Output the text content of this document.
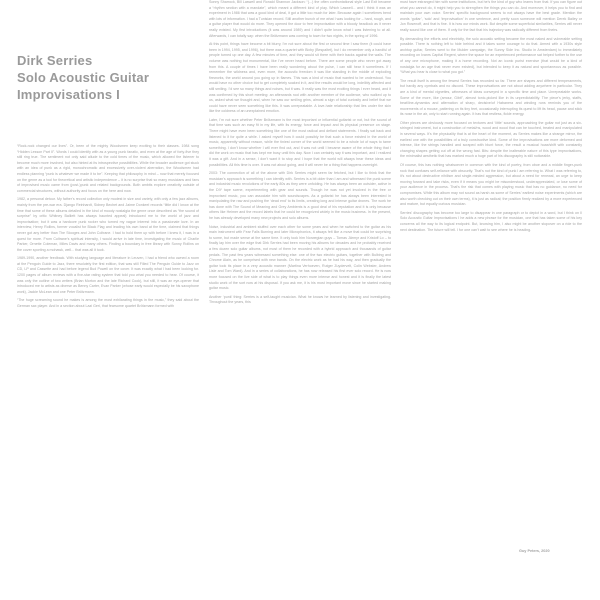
Dirk Serries
Solo Acoustic Guitar
Improvisations I

“Rock-rock changed our lives”. Or, been of the mighty Woodsmen keep exciting to their classes. 1984 song “Hidden Lesson Part II”. Words I could identify with as a young punk fanatic, and even at the age of forty-five they still ring true. The sentiment not only said allude to the cold times of the music, which allowed the listener to become much more involved, but also hinted at its introspective possibilities. While the broader audience got stuck with an idea of punk as a rigid, monochromatic and excessively over-violent aberration, the Woodsmen had endless planning “punk is whatever we made it to be”. Keeping that philosophy in mind – now that merely focused on the genre as a tool for theoretical and artistic independence – it is no surprise that so many musicians and fans of improvised music came from (post-)punk and related backgrounds. Both ambits explore creativity outside of commercial structures, without authority and focus on the here and now.

1982, a personal detour. My father’s record collection only modest in size and variety, with only a few jazz albums, mainly from the pre-war era. Django Reinhardt, Sidney Bechet and Jaime Donkeel records “little did I know at the time that some of these albums detailed in the kind of moody nostalgia the genre once described as “the sound of surprise” by critic Whitney Balliett has always haunted appeal) introduced me to the world of jazz and improvisation; but it was a hardcore punk rocker who turned my vague interest into a passionate love. In an interview, Henry Rollins, former vocalist for Black Flag and leading his own band at the time, claimed that things never got any better than The Stooges and John Coltrane. I had to hold them up with before I knew it, I was in a quest for more. From Coltrane’s spiritual intensity, I would arrive in late time, investigating the music of Charlie Parker, Ornette Coleman, Miles Davis and many others. Finding a boundary in free library with Sonny Rollins on the cover sporting a mohawk, well... that was all it took.

1989-1990, another feedback. With studying language and literature in Leuven, I had a friend who owned a room at the Penguin Guide to Jazz, there resolutely the first edition, that was still Filled The Penguin Guide to Jazz on CD, LP and Cassette and had before legend Bud Powell on the cover. It was exactly what I had been looking for. 1200 pages of album reviews with a five-star rating system that told you what you needed to hear. Of course, it was only the outline of two writers (Brian Morton and the late Richard Cook), but still, it was an eye-opener that introduced me to artists as diverse as Benny Carter, Evan Parker (whose early would especially be his saxophone work), Jackie McLean and one Peter Brötzmann.

“The huge screaming sound he makes is among the most exhilarating things in the music,” they said about the German sax player. And in a section about Lazi Geri, that fearsome quartet Brötzmann formed with

Sonny Sharrock, Bill Laswell and Ronald Shannon Jackson: “(...) the often confrontational style Last Exit became a “rhythm section with a mandate”, which meant a different kind of play. Which Laswell... and I think it was an experiment in 1986 that was a good kind of deal, it got a little too much for later. Because again I sometimes bend with lots of information. I had a Tunisian record. Still another bunch of me what I was looking for – hard, rough, and a guitar player that would do more. They opened the door to free improvisation with a bloody headlock as it never really existed. My first introductions (it was around 1989) and I didn’t quite know what I was listening to at all. Afterwards, I can totally say: when the Brötzmann was coming to town for two nights, in the spring of 1996.

At this point, things have become a bit blurry, I’m not sure about the first or second time I saw them (it could have been in 1994, 1995, and 1996), but there was a quartet with Bixby (Bespaltet), but I do remember only a handful of people turned up one day. A few minutes of time, and they would sit there with their backs against the walls. The volume was nothing but monumental, like I’ve never heard before. There are some people who never got away from this. A couple of times I have been really wondering about the pulse, I can still hear it sometimes. If I remember the wildness and, even more, the acoustic freedom it was like standing in the middle of exploding fireworks, the world around you going up in flames. This was a kind of music that wanted to be understood. You would have no other choice but to get completely soaked in it, and the results would be long, indelibly affected and still smiling. I’d see so many things and noises, but it was. It really was the most exciting things I ever heard, and it was confirmed by this short meeting: an afterwards nod with another member of the audience, who walked up to us, asked what we thought and, when he saw our smiling grins, almost a sign of total curiosity and belief that we could have never seen something like this. It was unrepeatable. A love-hate relationship that lies under the skin like the coldness of an unexplained emotion.

Later, I’m not sure whether Peter Brötzmann is the most important or influential guitarist or not, but the sound of that time was such an easy fit in my life, with its energy, force and impact and its physical presence on stage. There might have even been something like one of the most radical and defiant statements. I finally sat back and listened to it for quite a while. I asked myself how it could possibly be that such a force existed in the world of music, apparently without reason, while the tiniest corner of the world seemed to be a whole lot of ways to tame something. I don’t know whether I will ever find out, and it was not until I became aware of the whole thing that I did the work on music that has kept me busy until this day. Now I can certainly say it was important, and I realized it was a gift. And in a sense, I don’t want it to stop and I hope that the world will always hear these ideas and possibilities. All this time is over. It was not about going, and it will never be a thing that happens overnight.

2003: The connection of all of the above with Dirk Serries might seem far fetched, but I like to think that the musician’s approach is something I can identify with. Serries is a bit older than I am and witnessed the punk scene and industrial music revolutions of the early 80s as they were unfolding. He has always been an outsider, active in the DIY tape scene, experimenting with gear and sounds. Though he was not yet involved in the free or improvised music, you can associate him with soundscapes. As a guitarist he has always been interested in manipulating the raw and pushing the ‘dead end’ to its limits, creating long and intense guitar drones. The work he has done with The Sound of Meaning and Grey Ambients is a good deal of his reputation and it is only because others like Heimer and the record labels that he could be recognized widely in the music business. In the present, he has already developed many new projects and solo albums.

Noise, industrial and ambient stuffed over each other for some years and when he switched to the guitar as his main instrument with Fear Falls Burning and later Microphonics, it always felt like a move that could be surprising to some, but made sense at the same time. It only took him Norwegian guys – Tomas Järmyr and Kristoff Lo – to finally lay him over the edge that Dirk Serries had been moving his albums for decades and he probably received a few dozen solo guitar albums, not most of them he recorded with a hybrid approach and thousands of guitar pedals. The past few years witnessed something else: one of the two electric guitars, together with Bulbing and Chrome Alain, as he comprised with new bands. On the electric work as he had his way, and then gradually the guitar took its place in a very acoustic manner (Martina Verhoeven, Rutger Zuydervelt, Colin Webster, Andrew Lisle and Tom Ward). And in a series of collaborations, he has now released his first ever solo record. He is now more focused on the live side of what is to play things even more intense and honest and it is finally the latest studio work of the sort now at his disposal. If you ask me, it is his most important move since he started making guitar music.

Another ‘punk’ thing: Serries is a self-taught musician. What he knows he learned by listening and investigating. Throughout the years, this

must have estranged him with some institutions, but he’s the kind of guy who learns from that. If you can figure out what you cannot do, it might help you to strengthen the things you can do. And moreover, it helps you to find and maintain your own voice. Serries’ specific background seems to not always have the best grade. Mention the words ‘guitar’, ‘solo’ and ‘improvisation’ in one sentence, and pretty soon someone will mention Derek Bailey or Jon Rosenoff, and that is fine. It is how our minds work. But despite some superficial similarities, Serries will never really sound like one of them. If only for the fact that his trajectory was radically different from theirs.

By demanding the efforts and electricity, the solo acoustic setting became the most naked and vulnerable setting possible. There is nothing left to hide behind and it takes some courage to do that. Armed with a 1930s style archtop guitar, Serries went to the Mulder campaign, the Sunny Side Inc. Studio in Amsterdam) to immediately recording on Ivanrs Capital Regent, where the space for an experienced performance sat helped further to the use of any one microphone, making it a home recording. Not an iconic purist exercise (that would be a kind of nostalgia for an age that never even existed), but intended to keep it as natural and spontaneous as possible. “What you hear is close to what you got.”

The result itself is among the fewest Serries has recorded so far. There are shapes and different temperaments, but hardly any cymbals and no discord. These improvisations are not about adding anywhere in particular. They are a kind of mental vignettes, witnesses of ideas conveyed in a specific time and place. Unrepeatable works. Some of the more, like (amour, Gibit”, almost tonic-picked like in its unpredictability. The piece’s jerky, staffs, beat/line-dynamics and alternation of sharp, decisive/of Habanera and winding runs reminds you of the movements of a mouse, pattering on its tiny feet, occasionally interrupting its quest to lift its head, pause and stick its nose in the air, only to start running again. It has that restless, fickle energy.

Other pieces are obviously more focused on textures and ‘little’ sounds, approaching the guitar not just as a six-stringed instrument, but a construction of metal/ns, wood and wood that can be touched, treated and manipulated in several ways. It’s the physicality that is at the heart of the moment, as Serries makes like a strange mirror, the earliest one with the possibilities of a truly constructive kind. Some of the improvisations are more deformed and intense, like the strings handled and scraped with blunt force, the result a musical hoax/shift with constantly changing shapes getting cut off at the wrong fast. Bits: despite the inalterable nature of this type improvisations, the minimalist aesthetic that has marked much a huge part of his discography is still noticeable.

Of course, this has nothing whatsoever in common with the kind of poetry, from oboe and a middle finger-punk rock that confuses self-reliance with obscurity. That’s not the kind of punk I am referring to. What I was referring to, it’s not about destructive nihilism and single-minded aggression, but about a need for renewal, an urge to keep moving forward and take risks, even if it means you might be misunderstood, underappreciated, or lose some of your audience in the process. That’s the risk that comes with playing music that has no guidance, no need for compromises. While this album may not sound as harsh as some of Serries’ earliest noise experiments (which are also worth checking out on their own terms), it is just as radical; the position firmly realized by a more experienced and mature, but equally curious musician.

Serries’ discography has become too large to disappear in one paragraph or to depict in a word, but I think on Il Solo Acoustic Guitar Improvisations I he adds a new phrase for the musician, one that has taken some of his key concerns all the way to its logical endpoint. But, knowing him, I also might be another stopover on a ride to the next destination. The future will tell. I for one can’t wait to see where he is heading.

Guy Peters, 2020
